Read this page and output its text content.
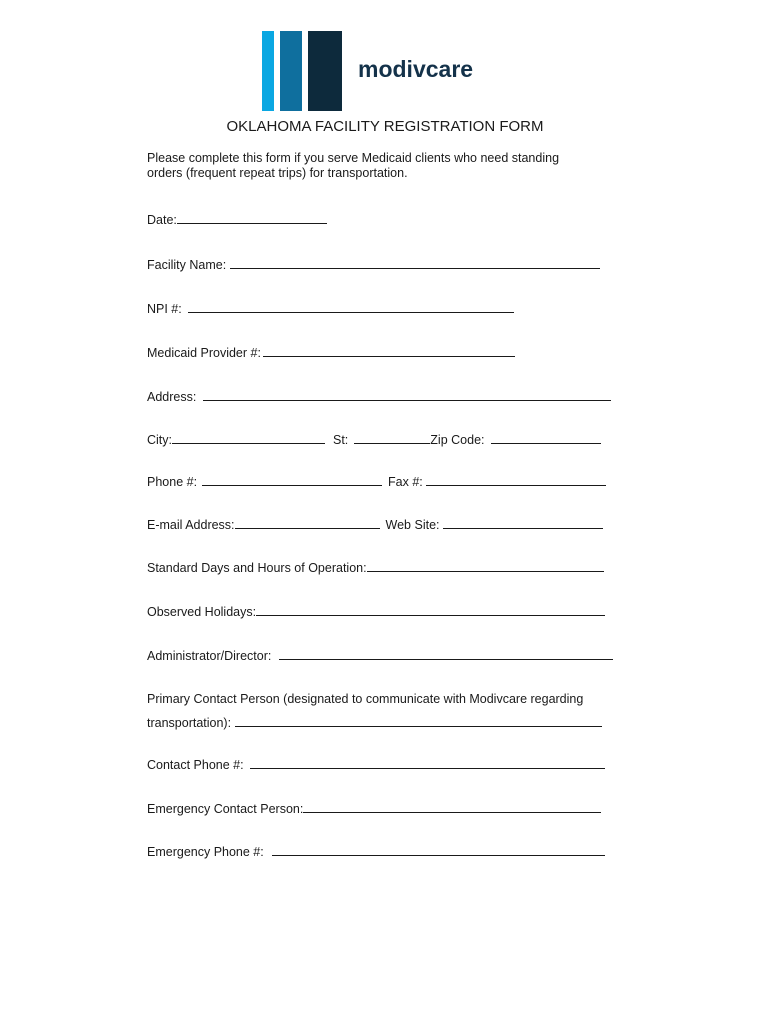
modivcare
OKLAHOMA FACILITY REGISTRATION FORM
Please complete this form if you serve Medicaid clients who need standing
orders (frequent repeat trips) for transportation.
Date:
Facility Name:
NPI #:
Medicaid Provider #:
Address:
City:	St:	Zip Code:
Phone #:	Fax #:
E-mail Address:	Web Site:
Standard Days and Hours of Operation:
Observed Holidays:
Administrator/Director:
Primary Contact Person (designated to communicate with Modivcare regarding
transportation):
Contact Phone #:
Emergency Contact Person:
Emergency Phone #:
